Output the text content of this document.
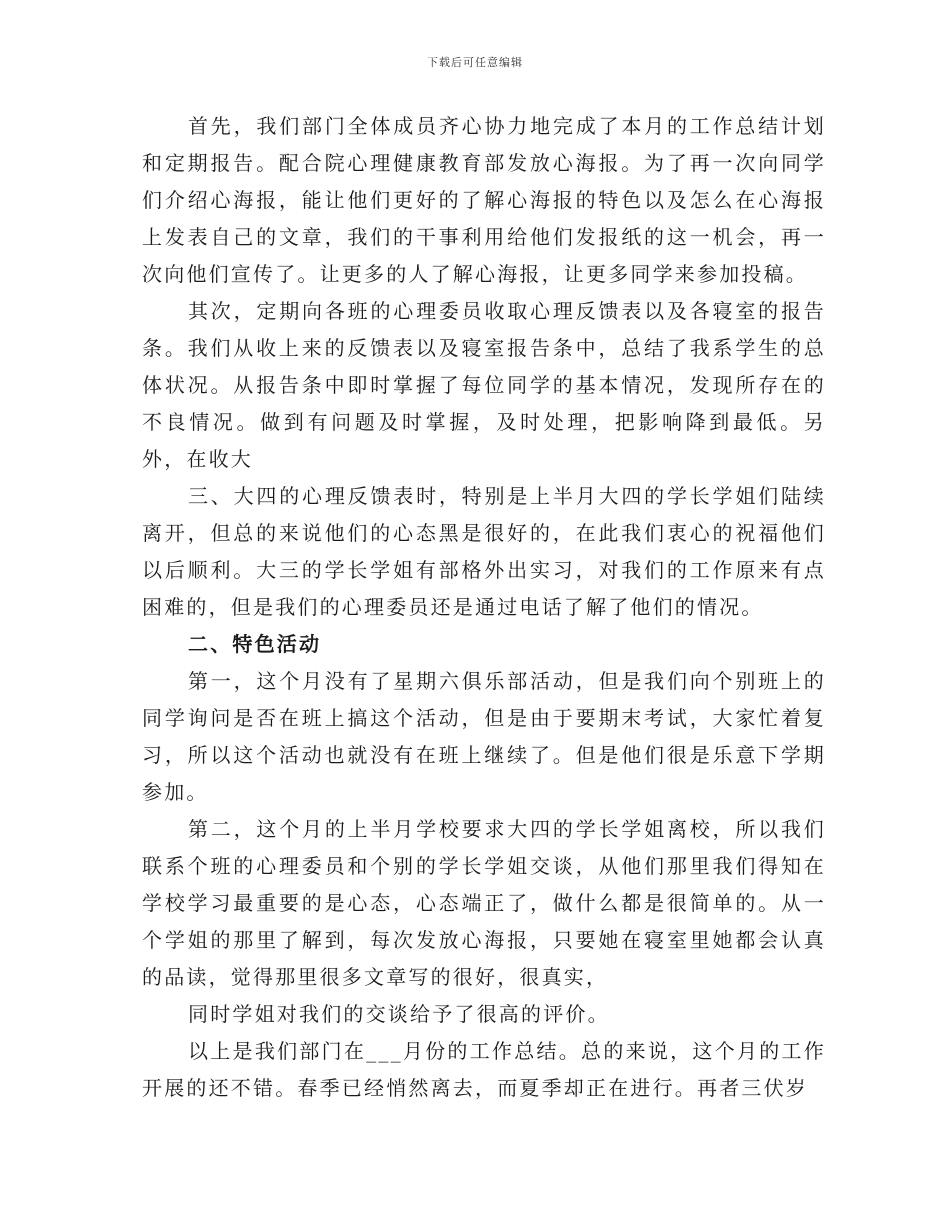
下载后可任意编辑

首先，我们部门全体成员齐心协力地完成了本月的工作总结计划和定期报告。配合院心理健康教育部发放心海报。为了再一次向同学们介绍心海报，能让他们更好的了解心海报的特色以及怎么在心海报上发表自己的文章，我们的干事利用给他们发报纸的这一机会，再一次向他们宣传了。让更多的人了解心海报，让更多同学来参加投稿。

其次，定期向各班的心理委员收取心理反馈表以及各寝室的报告条。我们从收上来的反馈表以及寝室报告条中，总结了我系学生的总体状况。从报告条中即时掌握了每位同学的基本情况，发现所存在的不良情况。做到有问题及时掌握，及时处理，把影响降到最低。另外，在收大

三、大四的心理反馈表时，特别是上半月大四的学长学姐们陆续离开，但总的来说他们的心态黑是很好的，在此我们衷心的祝福他们以后顺利。大三的学长学姐有部格外出实习，对我们的工作原来有点困难的，但是我们的心理委员还是通过电话了解了他们的情况。

二、特色活动

第一，这个月没有了星期六俱乐部活动，但是我们向个别班上的同学询问是否在班上搞这个活动，但是由于要期末考试，大家忙着复习，所以这个活动也就没有在班上继续了。但是他们很是乐意下学期参加。

第二，这个月的上半月学校要求大四的学长学姐离校，所以我们联系个班的心理委员和个别的学长学姐交谈，从他们那里我们得知在学校学习最重要的是心态，心态端正了，做什么都是很简单的。从一个学姐的那里了解到，每次发放心海报，只要她在寝室里她都会认真的品读，觉得那里很多文章写的很好，很真实，

同时学姐对我们的交谈给予了很高的评价。

以上是我们部门在___月份的工作总结。总的来说，这个月的工作开展的还不错。春季已经悄然离去，而夏季却正在进行。再者三伏岁
